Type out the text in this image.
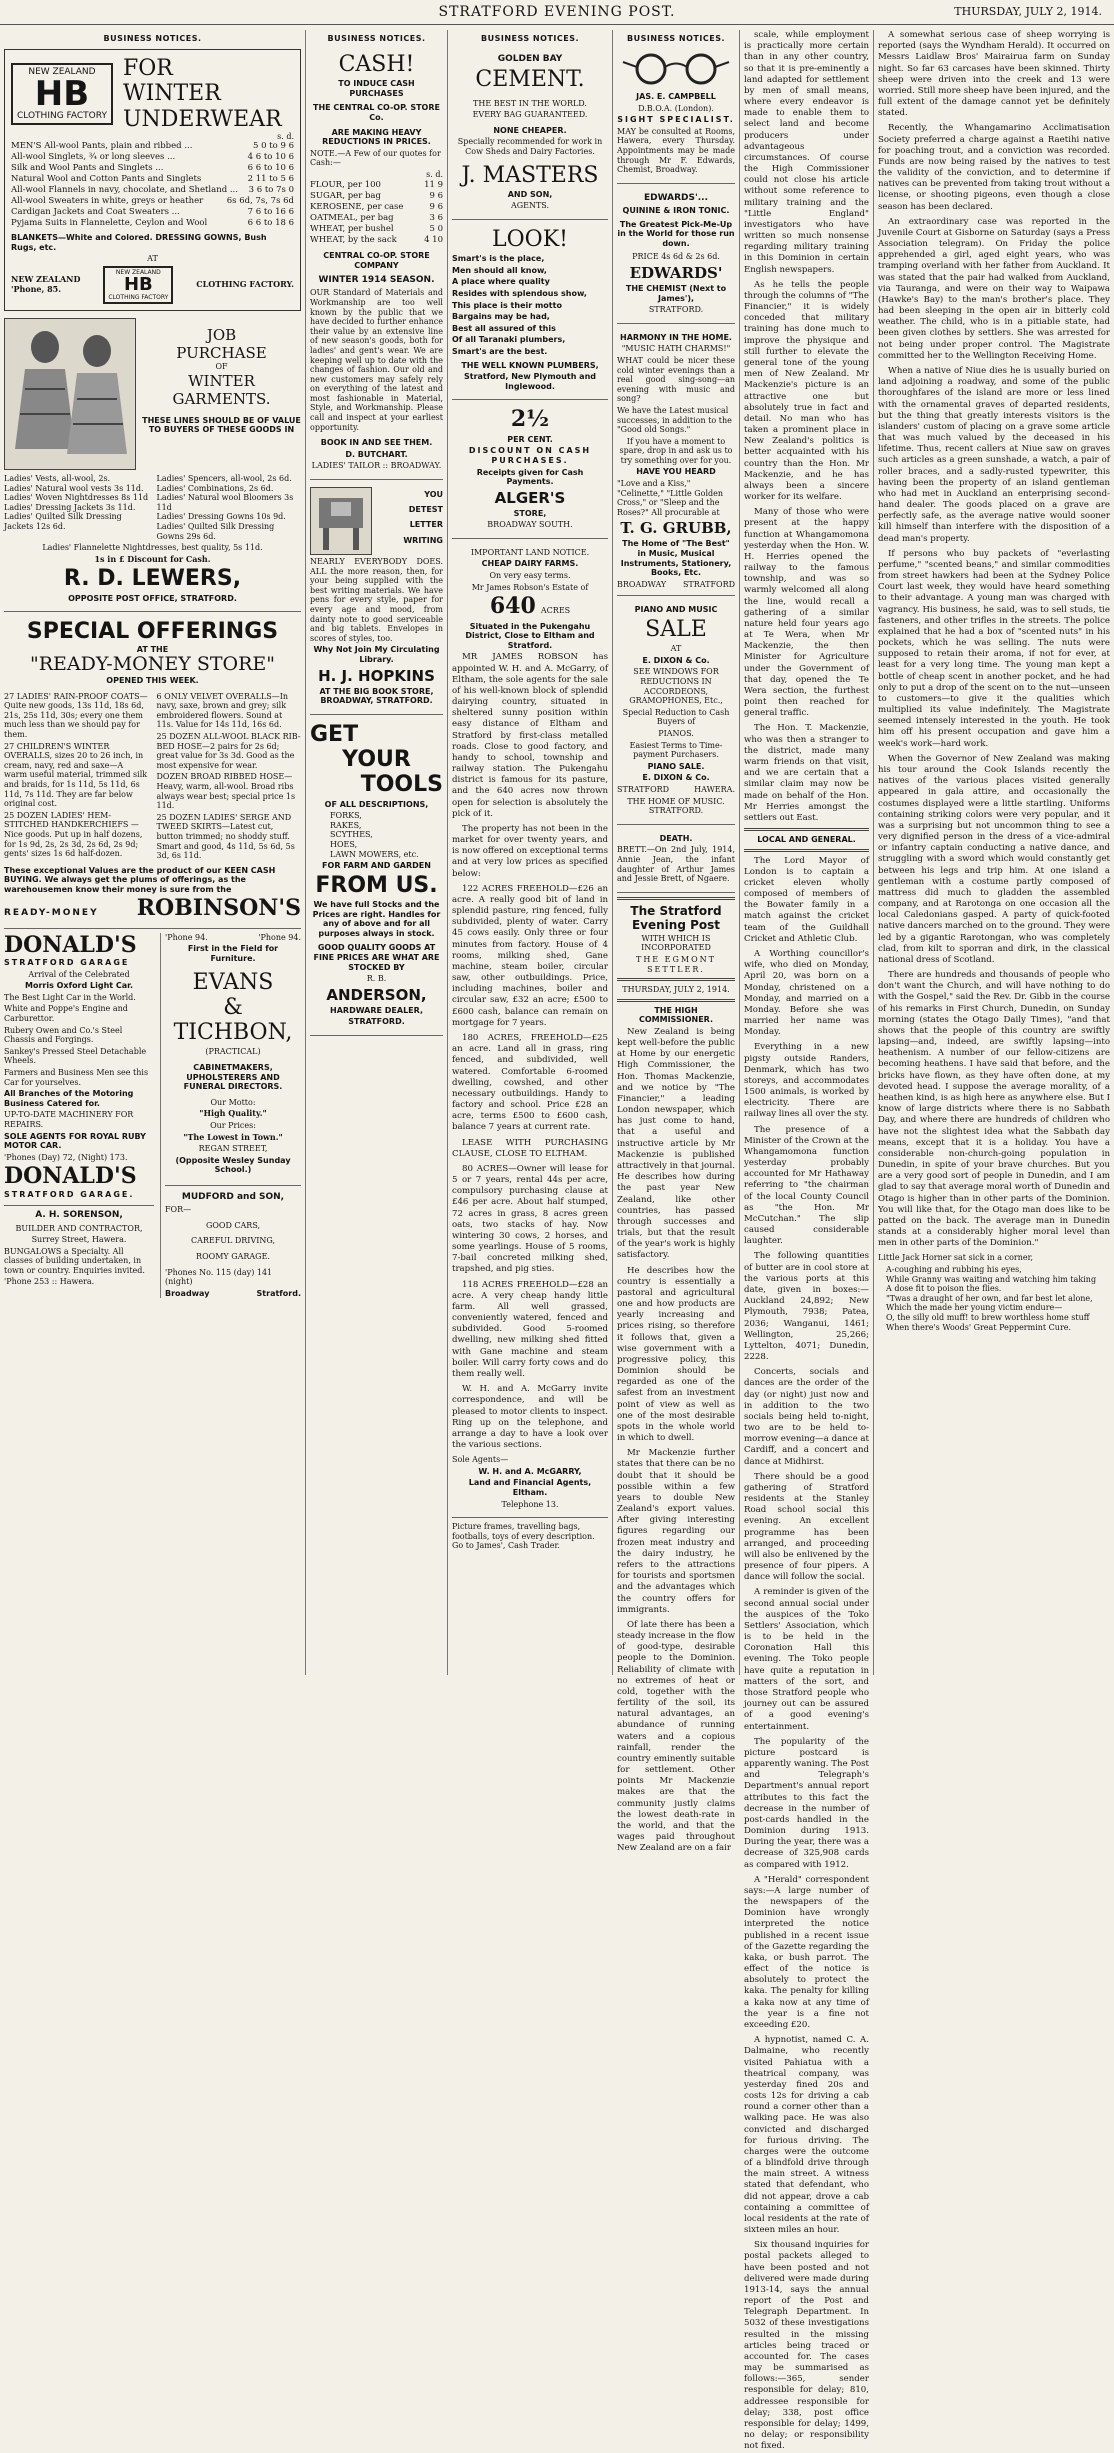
STRATFORD EVENING POST.	THURSDAY, JULY 2, 1914.
BUSINESS NOTICES.
NEW ZEALAND
HB
CLOTHING FACTORY
FOR
WINTER
UNDERWEAR
s. d.
MEN'S All-wool Pants, plain and ribbed ...	5 0 to 9 6
All-wool Singlets, ¾ or long sleeves ...	4 6 to 10 6
Silk and Wool Pants and Singlets ...	6 6 to 10 6
Natural Wool and Cotton Pants and Singlets	2 11 to 5 6
All-wool Flannels in navy, chocolate, and Shetland ... 3 6 to 7s 0
All-wool Sweaters in white, greys or heather	6s 6d, 7s, 7s 6d
Cardigan Jackets and Coat Sweaters ...	7 6 to 16 6
Pyjama Suits in Flannelette, Ceylon and Wool	6 6 to 18 6

BLANKETS—White and Colored. DRESSING GOWNS, Bush Rugs, etc.

AT

NEW ZEALAND
'Phone, 85.
NEW ZEALAND
HB
CLOTHING FACTORY
CLOTHING FACTORY.
JOB
PURCHASE
OF
WINTER
GARMENTS.

THESE LINES SHOULD BE OF VALUE TO BUYERS OF THESE GOODS IN

Ladies' Vests, all-wool, 2s.
Ladies' Natural wool vests 3s 11d.
Ladies' Woven Nightdresses 8s 11d
Ladies' Dressing Jackets 3s 11d.
Ladies' Quilted Silk Dressing Jackets 12s 6d.
Ladies' Spencers, all-wool, 2s 6d.
Ladies' Combinations, 2s 6d.
Ladies' Natural wool Bloomers 3s 11d
Ladies' Dressing Gowns 10s 9d.
Ladies' Quilted Silk Dressing Gowns 29s 6d.

Ladies' Flannelette Nightdresses, best quality, 5s 11d.

1s in £ Discount for Cash.

R. D. LEWERS,

OPPOSITE POST OFFICE, STRATFORD.

SPECIAL OFFERINGS
AT THE
"READY-MONEY STORE"
OPENED THIS WEEK.

27 LADIES' RAIN-PROOF COATS—Quite new goods, 13s 11d, 18s 6d, 21s, 25s 11d, 30s; every one them much less than we should pay for them.

27 CHILDREN'S WINTER OVERALLS, sizes 20 to 26 inch, in cream, navy, red and saxe—A warm useful material, trimmed silk and braids, for 1s 11d, 5s 11d, 6s 11d, 7s 11d. They are far below original cost.

25 DOZEN LADIES' HEM-STITCHED HANDKERCHIEFS — Nice goods. Put up in half dozens, for 1s 9d, 2s, 2s 3d, 2s 6d, 2s 9d; gents' sizes 1s 6d half-dozen.

6 ONLY VELVET OVERALLS—In navy, saxe, brown and grey; silk embroidered flowers. Sound at 11s. Value for 14s 11d, 16s 6d.

25 DOZEN ALL-WOOL BLACK RIB-BED HOSE—2 pairs for 2s 6d; great value for 3s 3d. Good as the most expensive for wear.

DOZEN BROAD RIBBED HOSE—Heavy, warm, all-wool. Broad ribs always wear best; special price 1s 11d.

25 DOZEN LADIES' SERGE AND TWEED SKIRTS—Latest cut, button trimmed; no shoddy stuff. Smart and good, 4s 11d, 5s 6d, 5s 3d, 6s 11d.

These exceptional Values are the product of our KEEN CASH BUYING. We always get the plums of offerings, as the warehousemen know their money is sure from the

READY-MONEY ROBINSON'S
DONALD'S
STRATFORD GARAGE

Arrival of the Celebrated

Morris Oxford Light Car.

The Best Light Car in the World.

White and Poppe's Engine and Carburettor.

Rubery Owen and Co.'s Steel Chassis and Forgings.

Sankey's Pressed Steel Detachable Wheels.

Farmers and Business Men see this Car for yourselves.

All Branches of the Motoring Business Catered for.

UP-TO-DATE MACHINERY FOR REPAIRS.

SOLE AGENTS FOR ROYAL RUBY MOTOR CAR.

'Phones (Day) 72, (Night) 173.

DONALD'S
STRATFORD GARAGE.
A. H. SORENSON,

BUILDER AND CONTRACTOR,

Surrey Street, Hawera.

BUNGALOWS a Specialty. All classes of building undertaken, in town or country. Enquiries invited.

'Phone 253 :: Hawera.

'Phone 94.	'Phone 94.

First in the Field for Furniture.

EVANS
&
TICHBON,

(PRACTICAL)

CABINETMAKERS, UPHOLSTERERS AND FUNERAL DIRECTORS.

Our Motto:

"High Quality."

Our Prices:

"The Lowest in Town."

REGAN STREET,

(Opposite Wesley Sunday School.)

MUDFORD and SON,

FOR—

GOOD CARS,

CAREFUL DRIVING,

ROOMY GARAGE.

'Phones No. 115 (day) 141 (night)

Broadway	Stratford.
BUSINESS NOTICES.
CASH!

TO INDUCE CASH PURCHASES

THE CENTRAL CO-OP. STORE Co.

ARE MAKING HEAVY REDUCTIONS IN PRICES.

NOTE.—A Few of our quotes for Cash:—

s. d.
FLOUR, per 100	11 9
SUGAR, per bag	9 6
KEROSENE, per case	9 6
OATMEAL, per bag	3 6
WHEAT, per bushel	5 0
WHEAT, by the sack	4 10

CENTRAL CO-OP. STORE COMPANY

WINTER 1914 SEASON.

OUR Standard of Materials and Workmanship are too well known by the public that we have decided to further enhance their value by an extensive line of new season's goods, both for ladies' and gent's wear. We are keeping well up to date with the changes of fashion. Our old and new customers may safely rely on everything of the latest and most fashionable in Material, Style, and Workmanship. Please call and inspect at your earliest opportunity.

BOOK IN AND SEE THEM.

D. BUTCHART.

LADIES' TAILOR :: BROADWAY.

YOU
DETEST
LETTER
WRITING

NEARLY EVERYBODY DOES. ALL the more reason, then, for your being supplied with the best writing materials. We have pens for every style, paper for every age and mood, from dainty note to good serviceable and big tablets. Envelopes in scores of styles, too.

Why Not Join My Circulating Library.

H. J. HOPKINS

AT THE BIG BOOK STORE, BROADWAY, STRATFORD.

GET
YOUR
TOOLS

OF ALL DESCRIPTIONS,

FORKS,
RAKES,
SCYTHES,
HOES,
LAWN MOWERS, etc.

FOR FARM AND GARDEN

FROM US.

We have full Stocks and the Prices are right. Handles for any of above and for all purposes always in stock.

GOOD QUALITY GOODS AT FINE PRICES ARE WHAT ARE STOCKED BY

R. B.

ANDERSON,

HARDWARE DEALER,

STRATFORD.

BUSINESS NOTICES.

GOLDEN BAY

CEMENT.

THE BEST IN THE WORLD.

EVERY BAG GUARANTEED.

NONE CHEAPER.

Specially recommended for work in Cow Sheds and Dairy Factories.

J. MASTERS

AND SON,

AGENTS.

LOOK!

Smart's is the place,

Men should all know,

A place where quality

Resides with splendous show,

This place is their motto

Bargains may be had,

Best all assured of this

Of all Taranaki plumbers,

Smart's are the best.

THE WELL KNOWN PLUMBERS,

Stratford, New Plymouth and Inglewood.

2½

PER CENT.

DISCOUNT ON CASH PURCHASES.

Receipts given for Cash Payments.

ALGER'S

STORE,

BROADWAY SOUTH.

IMPORTANT LAND NOTICE.

CHEAP DAIRY FARMS.

On very easy terms.

Mr James Robson's Estate of

640 ACRES

Situated in the Pukengahu District, Close to Eltham and Stratford.

MR JAMES ROBSON has appointed W. H. and A. McGarry, of Eltham, the sole agents for the sale of his well-known block of splendid dairying country, situated in sheltered sunny position within easy distance of Eltham and Stratford by first-class metalled roads. Close to good factory, and handy to school, township and railway station. The Pukengahu district is famous for its pasture, and the 640 acres now thrown open for selection is absolutely the pick of it.

The property has not been in the market for over twenty years, and is now offered on exceptional terms and at very low prices as specified below:

122 ACRES FREEHOLD—£26 an acre. A really good bit of land in splendid pasture, ring fenced, fully subdivided, plenty of water. Carry 45 cows easily. Only three or four minutes from factory. House of 4 rooms, milking shed, Gane machine, steam boiler, circular saw, other outbuildings. Price, including machines, boiler and circular saw, £32 an acre; £500 to £600 cash, balance can remain on mortgage for 7 years.

180 ACRES, FREEHOLD—£25 an acre. Land all in grass, ring fenced, and subdivided, well watered. Comfortable 6-roomed dwelling, cowshed, and other necessary outbuildings. Handy to factory and school. Price £28 an acre, terms £500 to £600 cash, balance 7 years at current rate.

LEASE WITH PURCHASING CLAUSE, CLOSE TO ELTHAM.

80 ACRES—Owner will lease for 5 or 7 years, rental 44s per acre, compulsory purchasing clause at £46 per acre. About half stumped, 72 acres in grass, 8 acres green oats, two stacks of hay. Now wintering 30 cows, 2 horses, and some yearlings. House of 5 rooms, 7-bail concreted milking shed, trapshed, and pig sties.

118 ACRES FREEHOLD—£28 an acre. A very cheap handy little farm. All well grassed, conveniently watered, fenced and subdivided. Good 5-roomed dwelling, new milking shed fitted with Gane machine and steam boiler. Will carry forty cows and do them really well.

W. H. and A. McGarry invite correspondence, and will be pleased to motor clients to inspect. Ring up on the telephone, and arrange a day to have a look over the various sections.

Sole Agents—

W. H. and A. McGARRY,

Land and Financial Agents, Eltham.

Telephone 13.

Picture frames, travelling bags, footballs, toys of every description. Go to James', Cash Trader.

BUSINESS NOTICES.

JAS. E. CAMPBELL

D.B.O.A. (London).

SIGHT SPECIALIST.

MAY be consulted at Rooms, Hawera, every Thursday. Appointments may be made through Mr F. Edwards, Chemist, Broadway.

EDWARDS'...

QUININE & IRON TONIC.

The Greatest Pick-Me-Up in the World for those run down.

PRICE 4s 6d & 2s 6d.

EDWARDS'

THE CHEMIST (Next to James'),

STRATFORD.

HARMONY IN THE HOME.

"MUSIC HATH CHARMS!"

WHAT could be nicer these cold winter evenings than a real good sing-song—an evening with music and song?

We have the Latest musical successes, in addition to the "Good old Songs."

If you have a moment to spare, drop in and ask us to try something over for you.

HAVE YOU HEARD

"Love and a Kiss," "Celinette," "Little Golden Cross," or "Sleep and the Roses?" All procurable at

T. G. GRUBB,

The Home of "The Best" in Music, Musical Instruments, Stationery, Books, Etc.

BROADWAY STRATFORD

PIANO AND MUSIC

SALE

AT

E. DIXON & Co.

SEE WINDOWS FOR REDUCTIONS IN ACCORDEONS, GRAMOPHONES, Etc.,

Special Reduction to Cash Buyers of

PIANOS.

Easiest Terms to Time-payment Purchasers.

PIANO SALE.

E. DIXON & Co.

STRATFORD	HAWERA.

THE HOME OF MUSIC. STRATFORD.

DEATH.

BRETT.—On 2nd July, 1914, Annie Jean, the infant daughter of Arthur James and Jessie Brett, of Ngaere.

The Stratford Evening Post

WITH WHICH IS INCORPORATED

THE EGMONT SETTLER.

THURSDAY, JULY 2, 1914.

THE HIGH COMMISSIONER.

New Zealand is being kept well-before the public at Home by our energetic High Commissioner, the Hon. Thomas Mackenzie, and we notice by "The Financier," a leading London newspaper, which has just come to hand, that a useful and instructive article by Mr Mackenzie is published attractively in that journal. He describes how during the past year New Zealand, like other countries, has passed through successes and trials, but that the result of the year's work is highly satisfactory.

He describes how the country is essentially a pastoral and agricultural one and how products are yearly increasing and prices rising, so therefore it follows that, given a wise government with a progressive policy, this Dominion should be regarded as one of the safest from an investment point of view as well as one of the most desirable spots in the whole world in which to dwell.

Mr Mackenzie further states that there can be no doubt that it should be possible within a few years to double New Zealand's export values. After giving interesting figures regarding our frozen meat industry and the dairy industry, he refers to the attractions for tourists and sportsmen and the advantages which the country offers for immigrants.

Of late there has been a steady increase in the flow of good-type, desirable people to the Dominion. Reliability of climate with no extremes of heat or cold, together with the fertility of the soil, its natural advantages, an abundance of running waters and a copious rainfall, render the country eminently suitable for settlement. Other points Mr Mackenzie makes are that the community justly claims the lowest death-rate in the world, and that the wages paid throughout New Zealand are on a fair

scale, while employment is practically more certain than in any other country, so that it is pre-eminently a land adapted for settlement by men of small means, where every endeavor is made to enable them to select land and become producers under advantageous circumstances. Of course the High Commissioner could not close his article without some reference to military training and the "Little England" investigators who have written so much nonsense regarding military training in this Dominion in certain English newspapers.

As he tells the people through the columns of "The Financier," it is widely conceded that military training has done much to improve the physique and still further to elevate the general tone of the young men of New Zealand. Mr Mackenzie's picture is an attractive one but absolutely true in fact and detail. No man who has taken a prominent place in New Zealand's politics is better acquainted with his country than the Hon. Mr Mackenzie, and he has always been a sincere worker for its welfare.

Many of those who were present at the happy function at Whangamomona yesterday when the Hon. W. H. Herries opened the railway to the famous township, and was so warmly welcomed all along the line, would recall a gathering of a similar nature held four years ago at Te Wera, when Mr Mackenzie, the then Minister for Agriculture under the Government of that day, opened the Te Wera section, the furthest point then reached for general traffic.

The Hon. T. Mackenzie, who was then a stranger to the district, made many warm friends on that visit, and we are certain that a similar claim may now be made on behalf of the Hon. Mr Herries amongst the settlers out East.

LOCAL AND GENERAL.

The Lord Mayor of London is to captain a cricket eleven wholly composed of members of the Bowater family in a match against the cricket team of the Guildhall Cricket and Athletic Club.

A Worthing councillor's wife, who died on Monday, April 20, was born on a Monday, christened on a Monday, and married on a Monday. Before she was married her name was Monday.

Everything in a new pigsty outside Randers, Denmark, which has two storeys, and accommodates 1500 animals, is worked by electricity. There are railway lines all over the sty.

The presence of a Minister of the Crown at the Whangamomona function yesterday probably accounted for Mr Hathaway referring to "the chairman of the local County Council as "the Hon. Mr McCutchan." The slip caused considerable laughter.

The following quantities of butter are in cool store at the various ports at this date, given in boxes:—Auckland 24,892; New Plymouth, 7938; Patea, 2036; Wanganui, 1461; Wellington, 25,266; Lyttelton, 4071; Dunedin, 2228.

Concerts, socials and dances are the order of the day (or night) just now and in addition to the two socials being held to-night, two are to be held to-morrow evening—a dance at Cardiff, and a concert and dance at Midhirst.

There should be a good gathering of Stratford residents at the Stanley Road school social this evening. An excellent programme has been arranged, and proceeding will also be enlivened by the presence of four pipers. A dance will follow the social.

A reminder is given of the second annual social under the auspices of the Toko Settlers' Association, which is to be held in the Coronation Hall this evening. The Toko people have quite a reputation in matters of the sort, and those Stratford people who journey out can be assured of a good evening's entertainment.

The popularity of the picture postcard is apparently waning. The Post and Telegraph's Department's annual report attributes to this fact the decrease in the number of post-cards handled in the Dominion during 1913. During the year, there was a decrease of 325,908 cards as compared with 1912.

A "Herald" correspondent says:—A large number of the newspapers of the Dominion have wrongly interpreted the notice published in a recent issue of the Gazette regarding the kaka, or bush parrot. The effect of the notice is absolutely to protect the kaka. The penalty for killing a kaka now at any time of the year is a fine not exceeding £20.

A hypnotist, named C. A. Dalmaine, who recently visited Pahiatua with a theatrical company, was yesterday fined 20s and costs 12s for driving a cab round a corner other than a walking pace. He was also convicted and discharged for furious driving. The charges were the outcome of a blindfold drive through the main street. A witness stated that defendant, who did not appear, drove a cab containing a committee of local residents at the rate of sixteen miles an hour.

Six thousand inquiries for postal packets alleged to have been posted and not delivered were made during 1913-14, says the annual report of the Post and Telegraph Department. In 5032 of these investigations resulted in the missing articles being traced or accounted for. The cases may be summarised as follows:—365, sender responsible for delay; 810, addressee responsible for delay; 338, post office responsible for delay; 1499, no delay; or responsibility not fixed.

A somewhat serious case of sheep worrying is reported (says the Wyndham Herald). It occurred on Messrs Laidlaw Bros' Mairairua farm on Sunday night. So far 63 carcases have been skinned. Thirty sheep were driven into the creek and 13 were worried. Still more sheep have been injured, and the full extent of the damage cannot yet be definitely stated.

Recently, the Whangamarino Acclimatisation Society preferred a charge against a Raetihi native for poaching trout, and a conviction was recorded. Funds are now being raised by the natives to test the validity of the conviction, and to determine if natives can be prevented from taking trout without a license, or shooting pigeons, even though a close season has been declared.

An extraordinary case was reported in the Juvenile Court at Gisborne on Saturday (says a Press Association telegram). On Friday the police apprehended a girl, aged eight years, who was tramping overland with her father from Auckland. It was stated that the pair had walked from Auckland, via Tauranga, and were on their way to Waipawa (Hawke's Bay) to the man's brother's place. They had been sleeping in the open air in bitterly cold weather. The child, who is in a pitiable state, had been given clothes by settlers. She was arrested for not being under proper control. The Magistrate committed her to the Wellington Receiving Home.

When a native of Niue dies he is usually buried on land adjoining a roadway, and some of the public thoroughfares of the island are more or less lined with the ornamental graves of departed residents, but the thing that greatly interests visitors is the islanders' custom of placing on a grave some article that was much valued by the deceased in his lifetime. Thus, recent callers at Niue saw on graves such articles as a green sunshade, a watch, a pair of roller braces, and a sadly-rusted typewriter, this having been the property of an island gentleman who had met in Auckland an enterprising second-hand dealer. The goods placed on a grave are perfectly safe, as the average native would sooner kill himself than interfere with the disposition of a dead man's property.

If persons who buy packets of "everlasting perfume," "scented beans," and similar commodities from street hawkers had been at the Sydney Police Court last week, they would have heard something to their advantage. A young man was charged with vagrancy. His business, he said, was to sell studs, tie fasteners, and other trifles in the streets. The police explained that he had a box of "scented nuts" in his pockets, which he was selling. The nuts were supposed to retain their aroma, if not for ever, at least for a very long time. The young man kept a bottle of cheap scent in another pocket, and he had only to put a drop of the scent on to the nut—unseen to customers—to give it the qualities which multiplied its value indefinitely. The Magistrate seemed intensely interested in the youth. He took him off his present occupation and gave him a week's work—hard work.

When the Governor of New Zealand was making his tour around the Cook Islands recently the natives of the various places visited generally appeared in gala attire, and occasionally the costumes displayed were a little startling. Uniforms containing striking colors were very popular, and it was a surprising but not uncommon thing to see a very dignified person in the dress of a vice-admiral or infantry captain conducting a native dance, and struggling with a sword which would constantly get between his legs and trip him. At one island a gentleman with a costume partly composed of mattress did much to gladden the assembled company, and at Rarotonga on one occasion all the local Caledonians gasped. A party of quick-footed native dancers marched on to the ground. They were led by a gigantic Rarotongan, who was completely clad, from kilt to sporran and dirk, in the classical national dress of Scotland.

There are hundreds and thousands of people who don't want the Church, and will have nothing to do with the Gospel," said the Rev. Dr. Gibb in the course of his remarks in First Church, Dunedin, on Sunday morning (states the Otago Daily Times), "and that shows that the people of this country are swiftly lapsing—and, indeed, are swiftly lapsing—into heathenism. A number of our fellow-citizens are becoming heathens. I have said that before, and the bricks have flown, as they have often done, at my devoted head. I suppose the average morality, of a heathen kind, is as high here as anywhere else. But I know of large districts where there is no Sabbath Day, and where there are hundreds of children who have not the slightest idea what the Sabbath day means, except that it is a holiday. You have a considerable non-church-going population in Dunedin, in spite of your brave churches. But you are a very good sort of people in Dunedin, and I am glad to say that average moral worth of Dunedin and Otago is higher than in other parts of the Dominion. You will like that, for the Otago man does like to be patted on the back. The average man in Dunedin stands at a considerably higher moral level than men in other parts of the Dominion."

Little Jack Horner sat sick in a corner,

A-coughing and rubbing his eyes,
While Granny was waiting and watching him taking
A dose fit to poison the flies.
"Twas a draught of her own, and far best let alone,
Which the made her young victim endure—
O, the silly old muff! to brew worthless home stuff
When there's Woods' Great Peppermint Cure.
